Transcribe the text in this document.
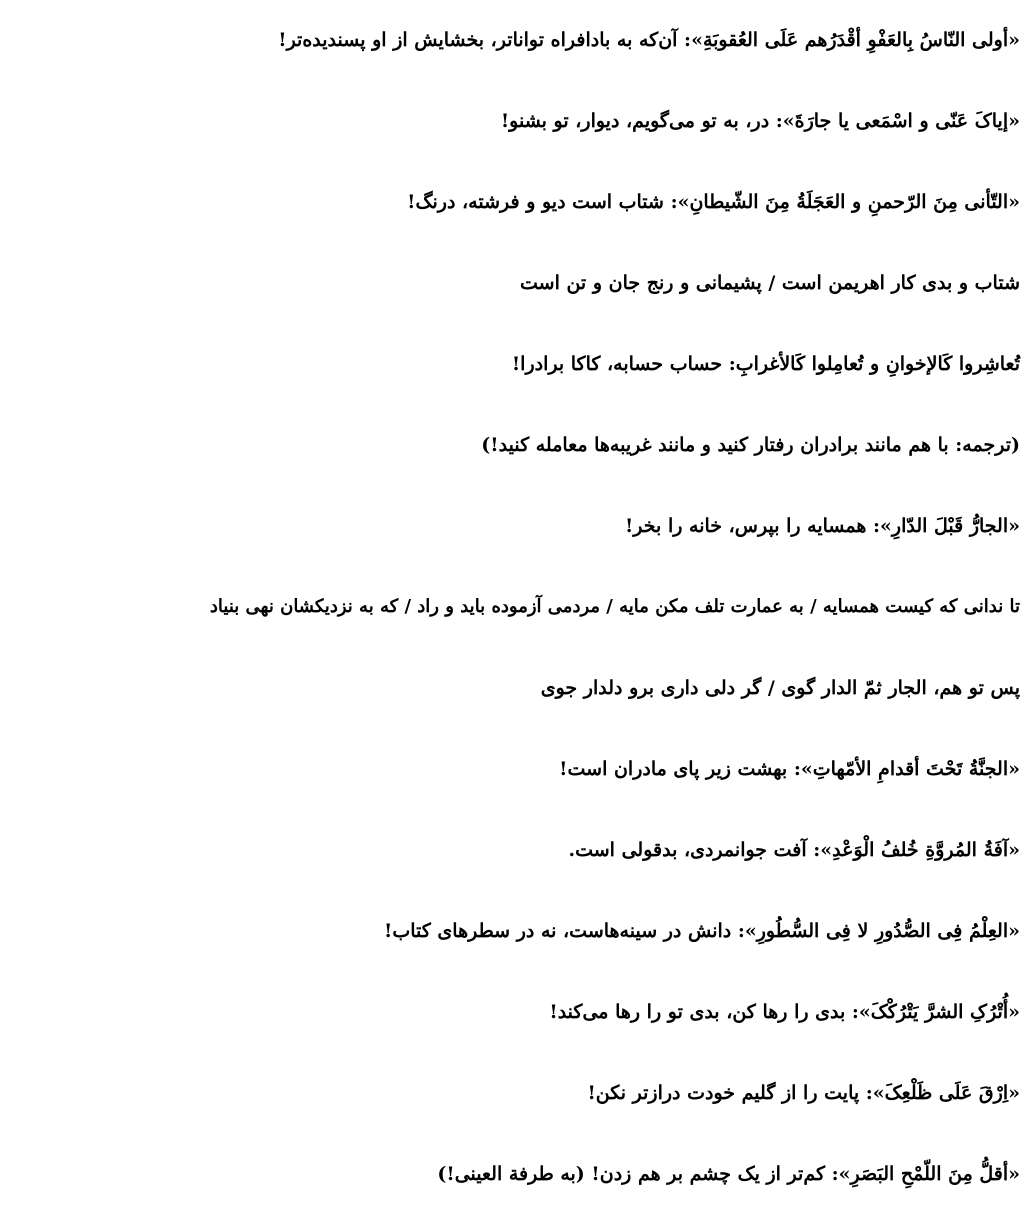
«أولی النّاسُ بِالعَفْوِ أقْدَرُهم عَلَی العُقوبَةِ»: آن‌که به بادافراه تواناتر، بخشایش از او پسندیده‌تر!
«إیاکَ عَنّی و اسْمَعی یا جارَةَ»: در، به تو می‌گویم، دیوار، تو بشنو!
«التّأنی مِنَ الرّحمنِ و العَجَلَةُ مِنَ الشّیطانِ»: شتاب است دیو و فرشته، درنگ!
شتاب و بدی کار اهریمن است / پشیمانی و رنج جان و تن است
تُعاشِروا کَالإخوانِ و تُعامِلوا کَالأغرابِ: حساب حسابه، کاکا برادرا!
(ترجمه: با هم مانند برادران رفتار کنید و مانند غریبه‌ها معامله کنید!)
«الجارُّ قَبْلَ الدّارِ»: همسایه را بپرس، خانه را بخر!
تا ندانی که کیست همسایه / به عمارت تلف مکن مایه / مردمی آزموده باید و راد / که به نزدیکشان نهی بنیاد
پس تو هم، الجار ثمّ الدار گوی / گر دلی داری برو دلدار جوی
«الجنَّةُ تَحْتَ أقدامِ الأمّهاتِ»: بهشت زیر پای مادران است!
«آفَةُ المُروَّةِ خُلفُ الْوَعْدِ»: آفت جوانمردی، بدقولی است.
«العِلْمُ فِی الصُّدُورِ لا فِی السُّطُورِ»: دانش در سینه‌هاست، نه در سطرهای کتاب!
«أُتْرُکِ الشرَّ یَتْرُکْکَ»: بدی را رها کن، بدی تو را رها می‌کند!
«اِرْقَ عَلَی ظَلْعِکَ»: پایت را از گلیم خودت درازتر نکن!
«أقلُّ مِنَ اللّمْحِ البَصَرِ»: کم‌تر از یک چشم بر هم زدن! (به طرفة العینی!)
